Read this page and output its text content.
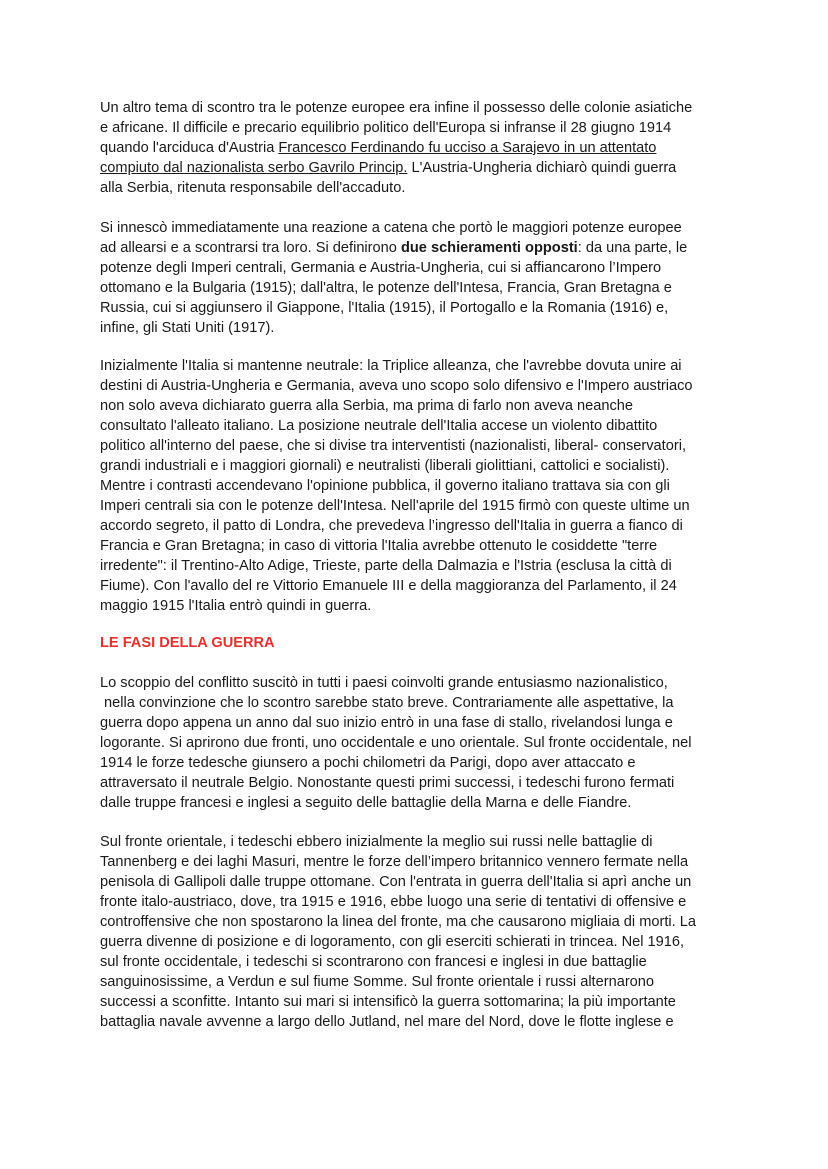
Un altro tema di scontro tra le potenze europee era infine il possesso delle colonie asiatiche
e africane. Il difficile e precario equilibrio politico dell'Europa si infranse il 28 giugno 1914
quando l'arciduca d'Austria Francesco Ferdinando fu ucciso a Sarajevo in un attentato
compiuto dal nazionalista serbo Gavrilo Princip. L'Austria-Ungheria dichiarò quindi guerra
alla Serbia, ritenuta responsabile dell'accaduto.
Si innescò immediatamente una reazione a catena che portò le maggiori potenze europee
ad allearsi e a scontrarsi tra loro. Si definirono due schieramenti opposti: da una parte, le
potenze degli Imperi centrali, Germania e Austria-Ungheria, cui si affiancarono l’Impero
ottomano e la Bulgaria (1915); dall'altra, le potenze dell'Intesa, Francia, Gran Bretagna e
Russia, cui si aggiunsero il Giappone, l'Italia (1915), il Portogallo e la Romania (1916) e,
infine, gli Stati Uniti (1917).
Inizialmente l'Italia si mantenne neutrale: la Triplice alleanza, che l'avrebbe dovuta unire ai
destini di Austria-Ungheria e Germania, aveva uno scopo solo difensivo e l'Impero austriaco
non solo aveva dichiarato guerra alla Serbia, ma prima di farlo non aveva neanche
consultato l'alleato italiano. La posizione neutrale dell'Italia accese un violento dibattito
politico all'interno del paese, che si divise tra interventisti (nazionalisti, liberal- conservatori,
grandi industriali e i maggiori giornali) e neutralisti (liberali giolittiani, cattolici e socialisti).
Mentre i contrasti accendevano l'opinione pubblica, il governo italiano trattava sia con gli
Imperi centrali sia con le potenze dell'Intesa. Nell'aprile del 1915 firmò con queste ultime un
accordo segreto, il patto di Londra, che prevedeva l’ingresso dell'Italia in guerra a fianco di
Francia e Gran Bretagna; in caso di vittoria l'Italia avrebbe ottenuto le cosiddette "terre
irredente": il Trentino-Alto Adige, Trieste, parte della Dalmazia e l'Istria (esclusa la città di
Fiume). Con l'avallo del re Vittorio Emanuele III e della maggioranza del Parlamento, il 24
maggio 1915 l'Italia entrò quindi in guerra.
LE FASI DELLA GUERRA
Lo scoppio del conflitto suscitò in tutti i paesi coinvolti grande entusiasmo nazionalistico,
nella convinzione che lo scontro sarebbe stato breve. Contrariamente alle aspettative, la
guerra dopo appena un anno dal suo inizio entrò in una fase di stallo, rivelandosi lunga e
logorante. Si aprirono due fronti, uno occidentale e uno orientale. Sul fronte occidentale, nel
1914 le forze tedesche giunsero a pochi chilometri da Parigi, dopo aver attaccato e
attraversato il neutrale Belgio. Nonostante questi primi successi, i tedeschi furono fermati
dalle truppe francesi e inglesi a seguito delle battaglie della Marna e delle Fiandre.
Sul fronte orientale, i tedeschi ebbero inizialmente la meglio sui russi nelle battaglie di
Tannenberg e dei laghi Masuri, mentre le forze dell’impero britannico vennero fermate nella
penisola di Gallipoli dalle truppe ottomane. Con l'entrata in guerra dell'Italia si aprì anche un
fronte italo-austriaco, dove, tra 1915 e 1916, ebbe luogo una serie di tentativi di offensive e
controffensive che non spostarono la linea del fronte, ma che causarono migliaia di morti. La
guerra divenne di posizione e di logoramento, con gli eserciti schierati in trincea. Nel 1916,
sul fronte occidentale, i tedeschi si scontrarono con francesi e inglesi in due battaglie
sanguinosissime, a Verdun e sul fiume Somme. Sul fronte orientale i russi alternarono
successi a sconfitte. Intanto sui mari si intensificò la guerra sottomarina; la più importante
battaglia navale avvenne a largo dello Jutland, nel mare del Nord, dove le flotte inglese e
